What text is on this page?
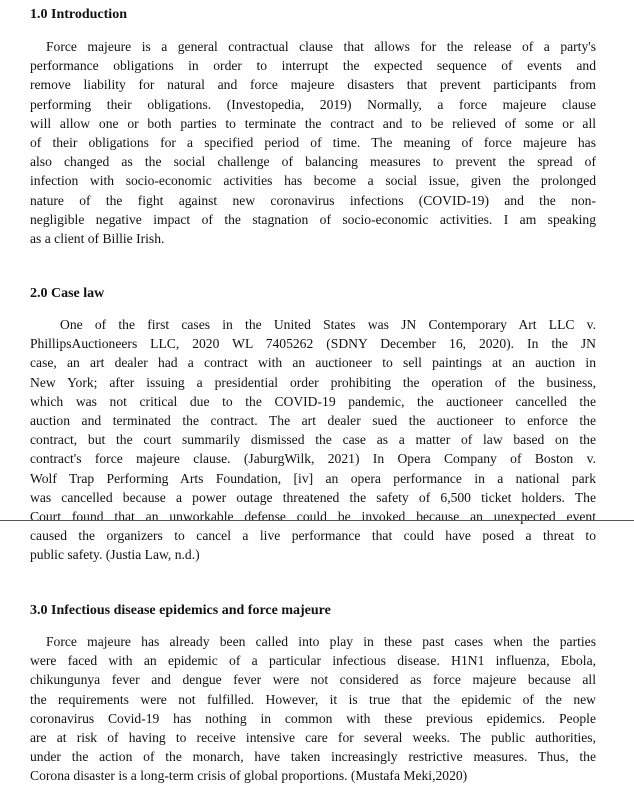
1.0 Introduction
Force majeure is a general contractual clause that allows for the release of a party's
performance obligations in order to interrupt the expected sequence of events and
remove liability for natural and force majeure disasters that prevent participants from
performing their obligations. (Investopedia, 2019) Normally, a force majeure clause
will allow one or both parties to terminate the contract and to be relieved of some or all
of their obligations for a specified period of time. The meaning of force majeure has
also changed as the social challenge of balancing measures to prevent the spread of
infection with socio-economic activities has become a social issue, given the prolonged
nature of the fight against new coronavirus infections (COVID-19) and the non-
negligible negative impact of the stagnation of socio-economic activities. I am speaking
as a client of Billie Irish.
2.0 Case law
One of the first cases in the United States was JN Contemporary Art LLC v.
PhillipsAuctioneers LLC, 2020 WL 7405262 (SDNY December 16, 2020). In the JN
case, an art dealer had a contract with an auctioneer to sell paintings at an auction in
New York; after issuing a presidential order prohibiting the operation of the business,
which was not critical due to the COVID-19 pandemic, the auctioneer cancelled the
auction and terminated the contract. The art dealer sued the auctioneer to enforce the
contract, but the court summarily dismissed the case as a matter of law based on the
contract's force majeure clause. (JaburgWilk, 2021) In Opera Company of Boston v.
Wolf Trap Performing Arts Foundation, [iv] an opera performance in a national park
was cancelled because a power outage threatened the safety of 6,500 ticket holders. The
Court found that an unworkable defense could be invoked because an unexpected event
caused the organizers to cancel a live performance that could have posed a threat to
public safety. (Justia Law, n.d.)
3.0 Infectious disease epidemics and force majeure
Force majeure has already been called into play in these past cases when the parties
were faced with an epidemic of a particular infectious disease. H1N1 influenza, Ebola,
chikungunya fever and dengue fever were not considered as force majeure because all
the requirements were not fulfilled. However, it is true that the epidemic of the new
coronavirus Covid-19 has nothing in common with these previous epidemics. People
are at risk of having to receive intensive care for several weeks. The public authorities,
under the action of the monarch, have taken increasingly restrictive measures. Thus, the
Corona disaster is a long-term crisis of global proportions. (Mustafa Meki,2020)
